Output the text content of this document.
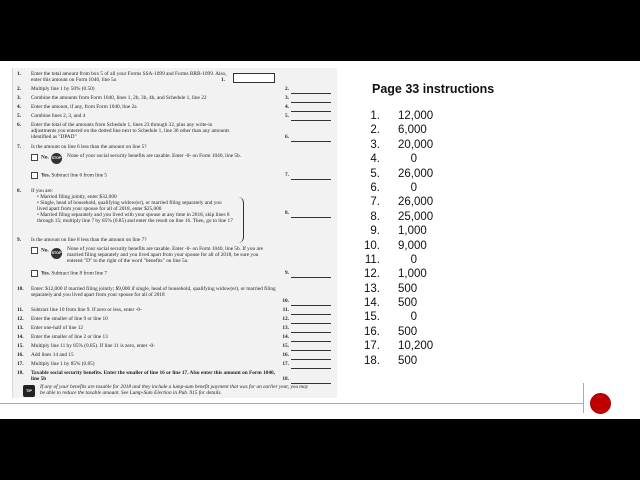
1.	Enter the total amount from box 5 of all your Forms SSA-1099 and Forms RRB-1099. Also, enter this amount on Form 1040, line 5a	1.
2.	Multiply line 1 by 50% (0.50)	2.
3.	Combine the amounts from Form 1040, lines 1, 2b, 3b, 4b, and Schedule 1, line 22	3.
4.	Enter the amount, if any, from Form 1040, line 2a	4.
5.	Combine lines 2, 3, and 4	5.
6.	Enter the total of the amounts from Schedule 1, lines 23 through 32, plus any write-in adjustments you entered on the dotted line next to Schedule 1, line 36 other than any amounts identified as "DPAD"	6.
7.	Is the amount on line 6 less than the amount on line 5?
No. STOP None of your social security benefits are taxable. Enter -0- on Form 1040, line 5b.
Yes. Subtract line 6 from line 5	7.
8.	If you are:
• Married filing jointly, enter $32,000
• Single, head of household, qualifying widow(er), or married filing separately and you lived apart from your spouse for all of 2018, enter $25,000
• Married filing separately and you lived with your spouse at any time in 2018, skip lines 8 through 15; multiply line 7 by 85% (0.85) and enter the result on line 16. Then, go to line 17
8.
9.	Is the amount on line 8 less than the amount on line 7?
No. STOP
None of your social security benefits are taxable. Enter -0- on Form 1040, line 5b. If you are married filing separately and you lived apart from your spouse for all of 2018, be sure you entered "D" to the right of the word "benefits" on line 5a.
Yes. Subtract line 8 from line 7	9.
10.	Enter: $12,000 if married filing jointly; $9,000 if single, head of household, qualifying widow(er), or married filing separately and you lived apart from your spouse for all of 2018
10.
11.	Subtract line 10 from line 9. If zero or less, enter -0-	11.
12.	Enter the smaller of line 9 or line 10	12.
13.	Enter one-half of line 12	13.
14.	Enter the smaller of line 2 or line 13	14.
15.	Multiply line 11 by 85% (0.85). If line 11 is zero, enter -0-	15.
16.	Add lines 14 and 15	16.
17.	Multiply line 1 by 85% (0.85)	17.
18.	Taxable social security benefits. Enter the smaller of line 16 or line 17. Also enter this amount on Form 1040, line 5b	18.
TIP
If any of your benefits are taxable for 2018 and they include a lump-sum benefit payment that was for an earlier year, you may be able to reduce the taxable amount. See Lump-Sum Election in Pub. 915 for details.
Page 33 instructions
1. 12,000
2. 6,000
3. 20,000
4.	0
5. 26,000
6.	0
7. 26,000
8. 25,000
9. 1,000
10. 9,000
11.	0
12. 1,000
13. 500
14. 500
15.	0
16. 500
17. 10,200
18. 500
